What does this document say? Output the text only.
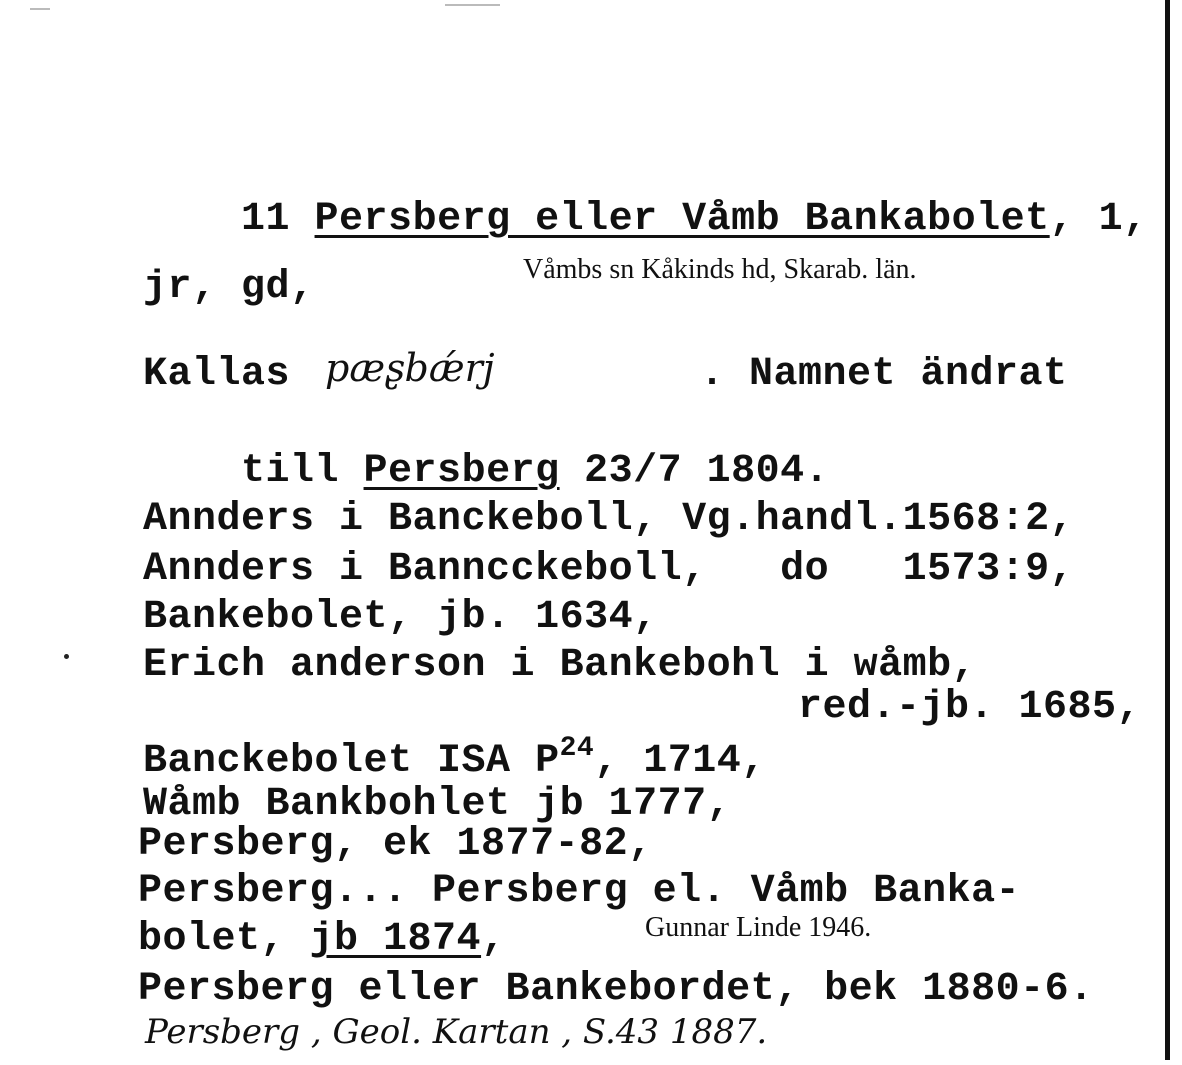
11 Persberg eller Våmb Bankabolet, 1,

jr, gd,	Våmbs sn Kåkinds hd, Skarab. län.
Kallas pæʂbǽrj	. Namnet ändrat

till Persberg 23/7 1804.

Annders i Banckeboll, Vg.handl.1568:2,
Annders i Banncckeboll,   do   1573:9,
Bankebolet, jb. 1634,
Erich anderson i Bankebohl i wåmb,
red.-jb. 1685,
Banckebolet ISA $P^{24}$, 1714,
Wåmb Bankbohlet jb 1777,
Persberg, ek 1877-82,
Persberg... Persberg el. Våmb Banka-
bolet, jb 1874,	Gunnar Linde 1946.
Persberg eller Bankebordet, bek 1880-6.
Persberg , Geol. Kartan , S.43 1887.
